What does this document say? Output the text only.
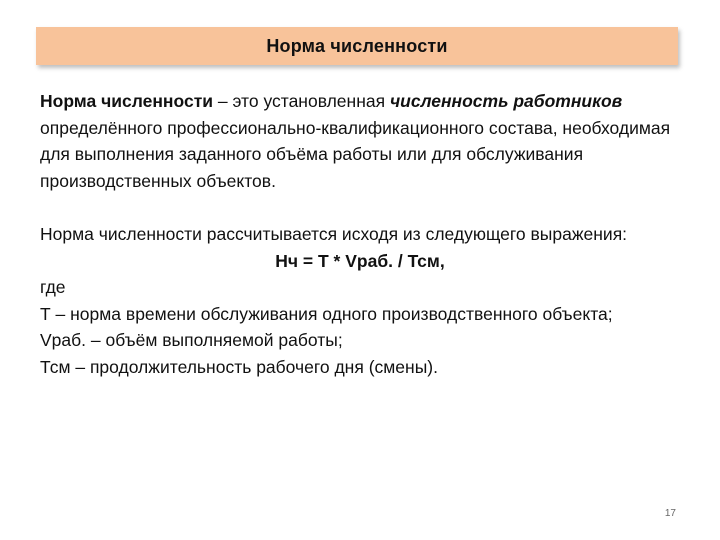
Норма численности

Норма численности – это установленная численность работников определённого профессионально-квалификационного состава, необходимая для выполнения заданного объёма работы или для обслуживания производственных объектов.

Норма численности рассчитывается исходя из следующего выражения:

Нч = Т * Vраб. / Тсм,

где

Т – норма времени обслуживания одного производственного объекта;

Vраб. – объём выполняемой работы;

Тсм – продолжительность рабочего дня (смены).

17
